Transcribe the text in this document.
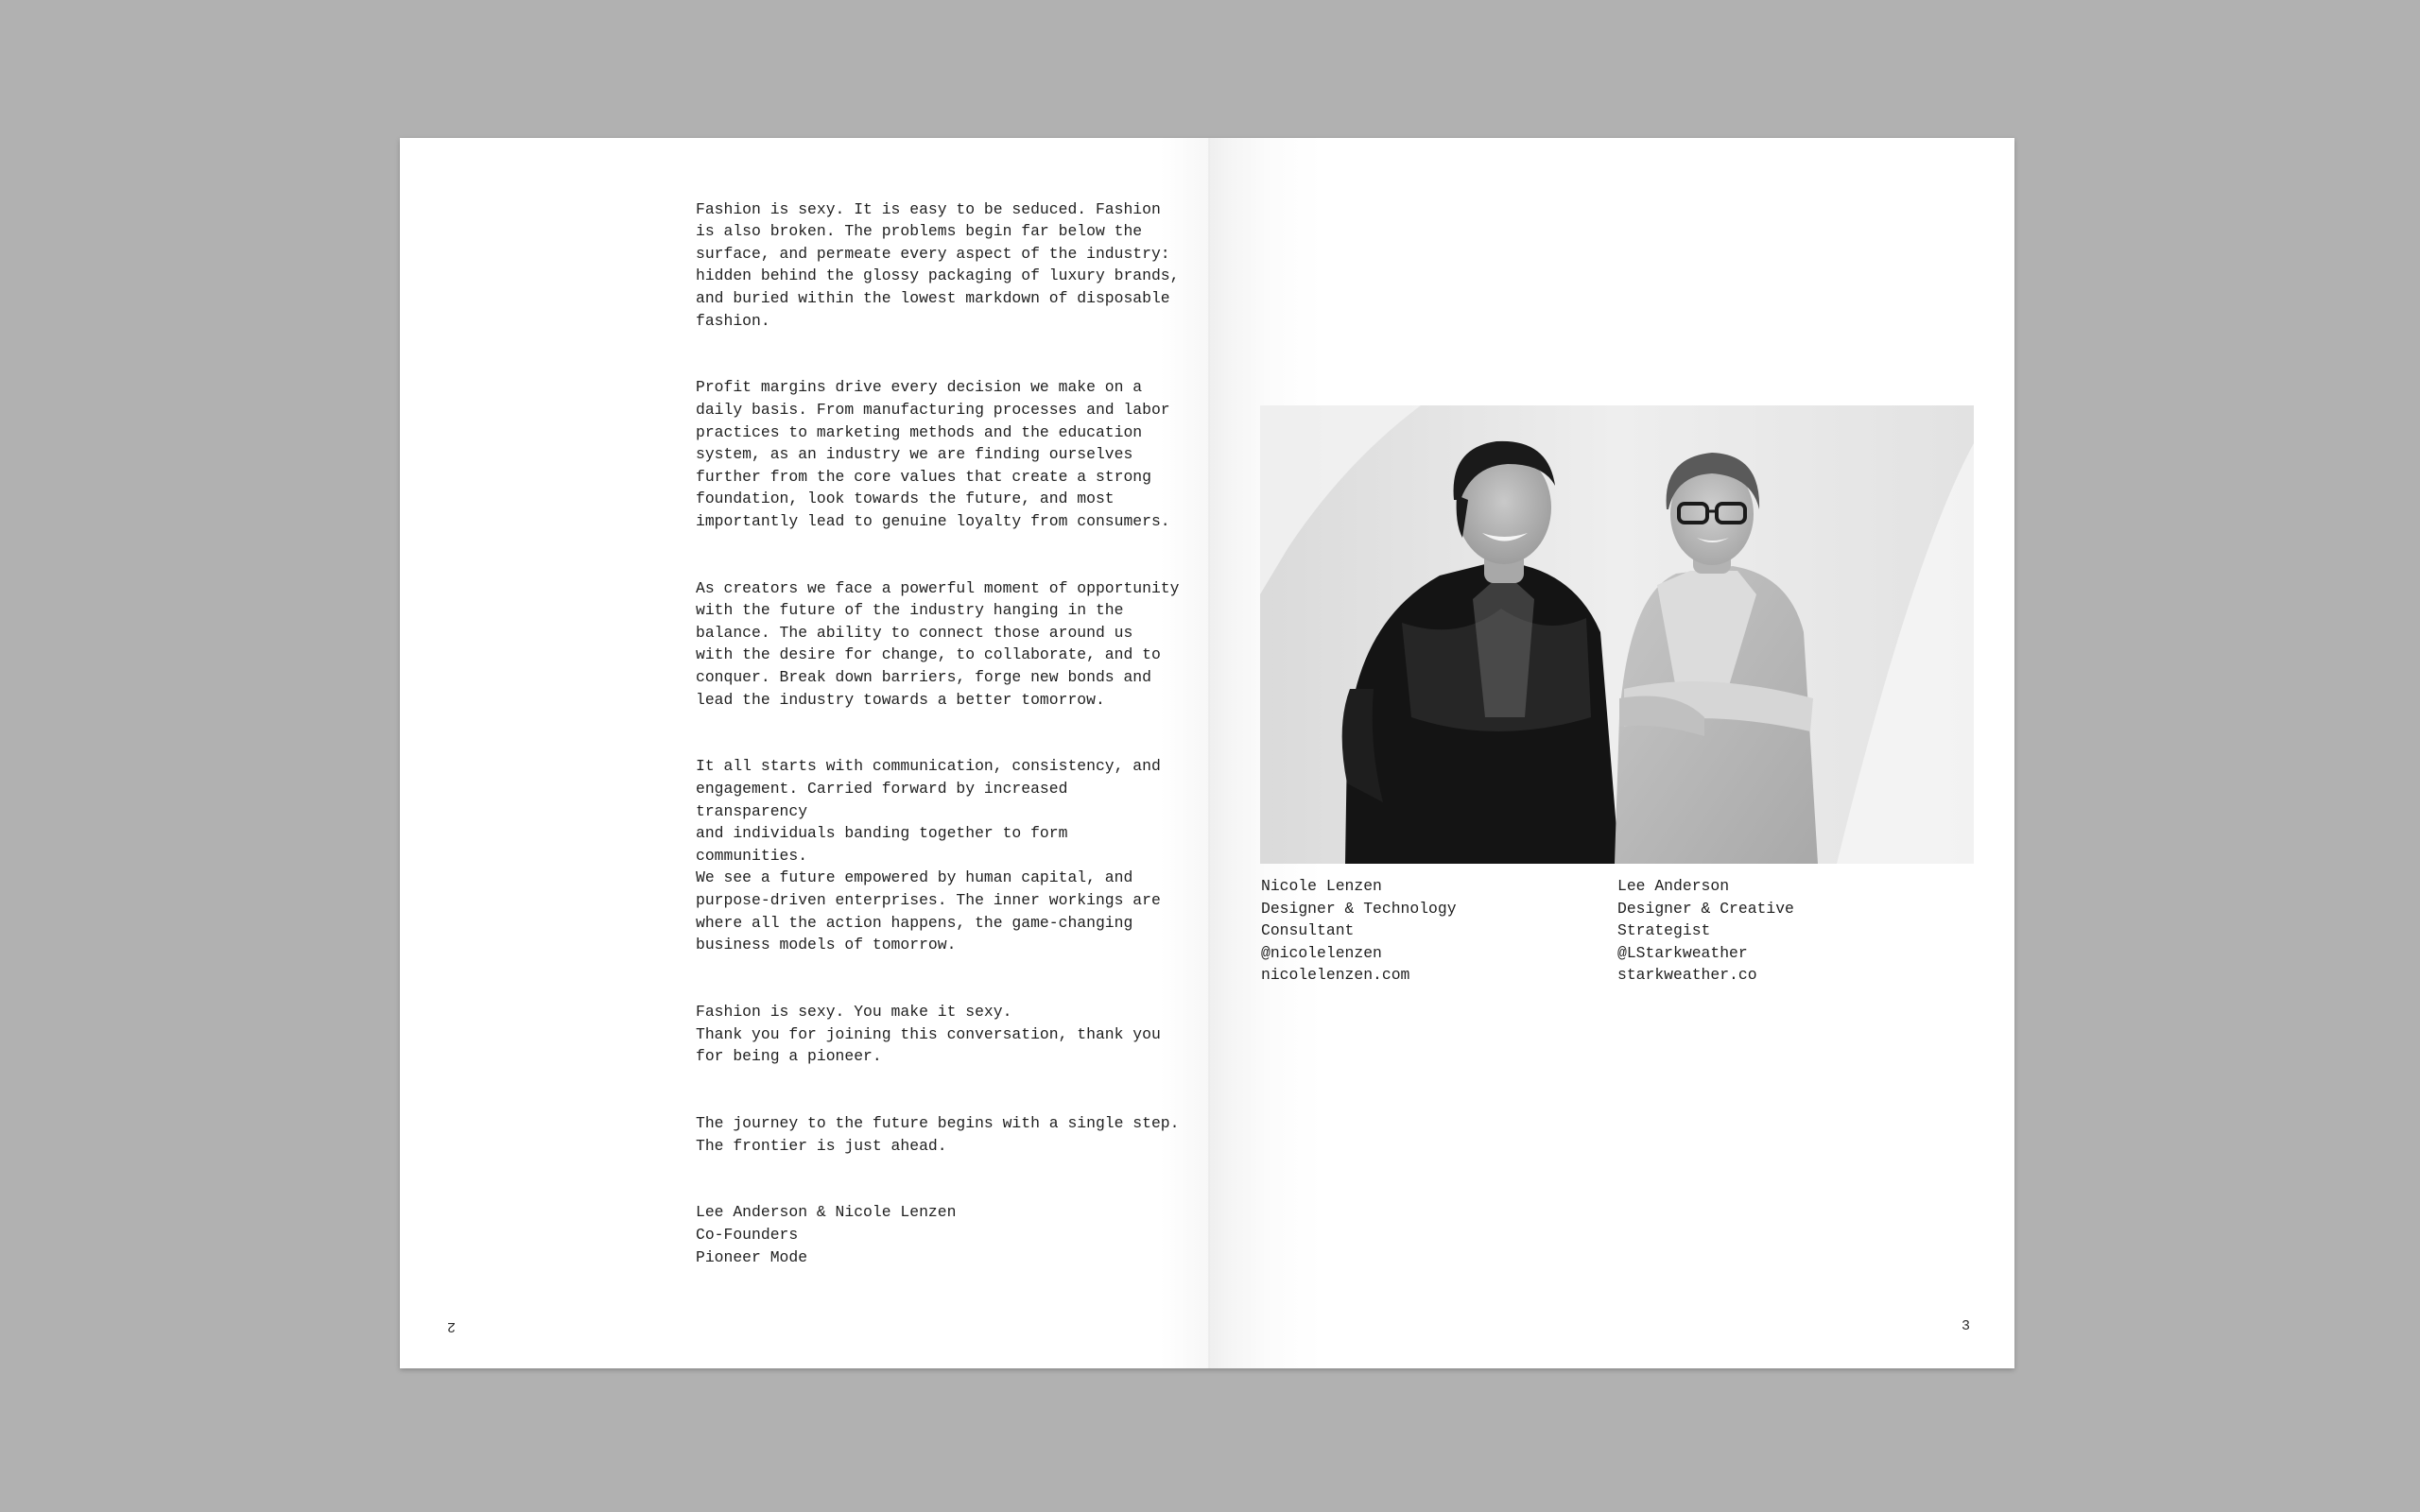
Fashion is sexy. It is easy to be seduced. Fashion
is also broken. The problems begin far below the
surface, and permeate every aspect of the industry:
hidden behind the glossy packaging of luxury brands,
and buried within the lowest markdown of disposable
fashion.

Profit margins drive every decision we make on a
daily basis. From manufacturing processes and labor
practices to marketing methods and the education
system, as an industry we are finding ourselves
further from the core values that create a strong
foundation, look towards the future, and most
importantly lead to genuine loyalty from consumers.

As creators we face a powerful moment of opportunity
with the future of the industry hanging in the
balance. The ability to connect those around us
with the desire for change, to collaborate, and to
conquer. Break down barriers, forge new bonds and
lead the industry towards a better tomorrow.

It all starts with communication, consistency, and
engagement. Carried forward by increased transparency
and individuals banding together to form communities.
We see a future empowered by human capital, and
purpose-driven enterprises. The inner workings are
where all the action happens, the game-changing
business models of tomorrow.

Fashion is sexy. You make it sexy.
Thank you for joining this conversation, thank you
for being a pioneer.

The journey to the future begins with a single step.
The frontier is just ahead.

Lee Anderson & Nicole Lenzen
Co-Founders
Pioneer Mode

2	3
Nicole Lenzen
Designer & Technology
Consultant
@nicolelenzen
nicolelenzen.com
Lee Anderson
Designer & Creative
Strategist
@LStarkweather
starkweather.co
